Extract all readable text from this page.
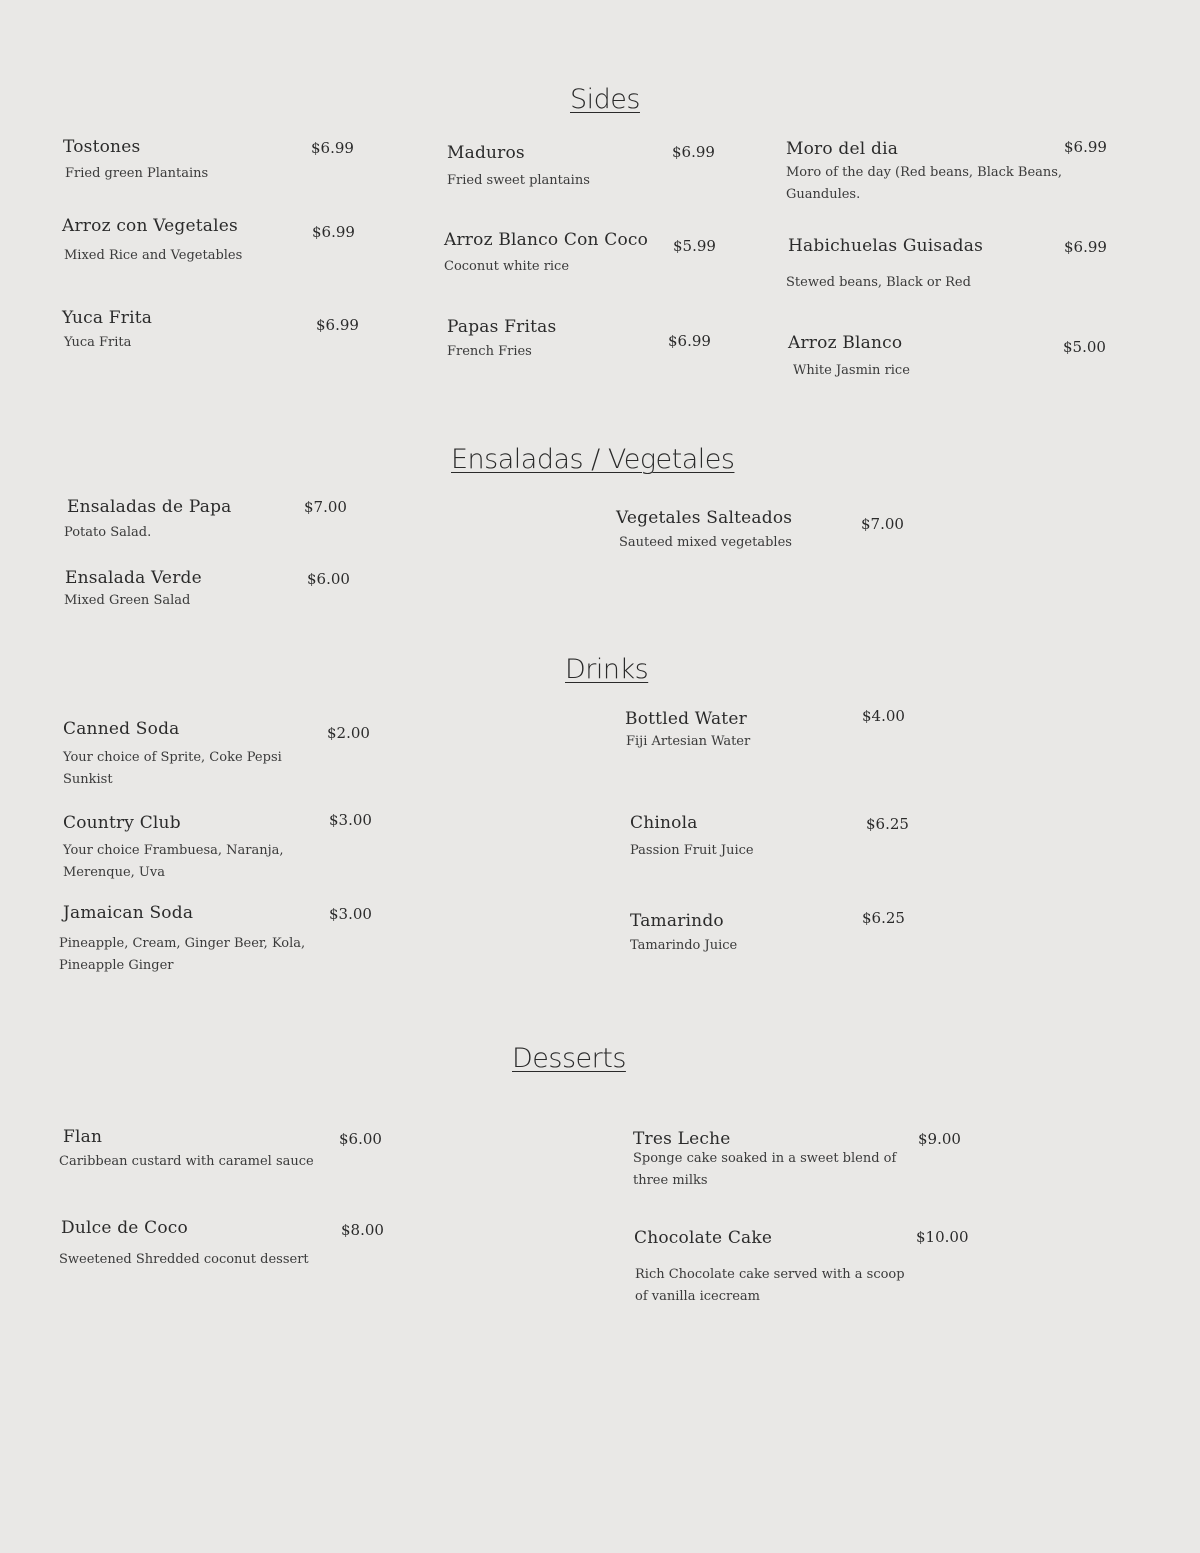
Sides
Tostones	$6.99
Fried green Plantains
Maduros	$6.99
Fried sweet plantains
Moro del dia	$6.99
Moro of the day (Red beans, Black Beans, Guandules.
Arroz con Vegetales	$6.99
Mixed Rice and Vegetables
Arroz Blanco Con Coco $5.99
Coconut white rice
Habichuelas Guisadas	$6.99
Stewed beans, Black or Red
Yuca Frita	$6.99
Yuca Frita
Papas Fritas
$6.99
French Fries	Arroz Blanco	$5.00
White Jasmin rice
Ensaladas / Vegetales
Ensaladas de Papa	$7.00
Potato Salad.
Vegetales Salteados	$7.00
Sauteed mixed vegetables
Ensalada Verde	$6.00
Mixed Green Salad
Drinks
Canned Soda	$2.00
Your choice of Sprite, Coke Pepsi Sunkist
Bottled Water	$4.00
Fiji Artesian Water
Country Club	$3.00
Your choice Frambuesa, Naranja, Merenque, Uva
Chinola	$6.25
Passion Fruit Juice
Jamaican Soda	$3.00
Pineapple, Cream, Ginger Beer, Kola, Pineapple Ginger
Tamarindo	$6.25
Tamarindo Juice
Desserts
Flan	$6.00
Caribbean custard with caramel sauce
Tres Leche	$9.00
Sponge cake soaked in a sweet blend of three milks
Dulce de Coco	$8.00
Sweetened Shredded coconut dessert
Chocolate Cake	$10.00
Rich Chocolate cake served with a scoop of vanilla icecream
